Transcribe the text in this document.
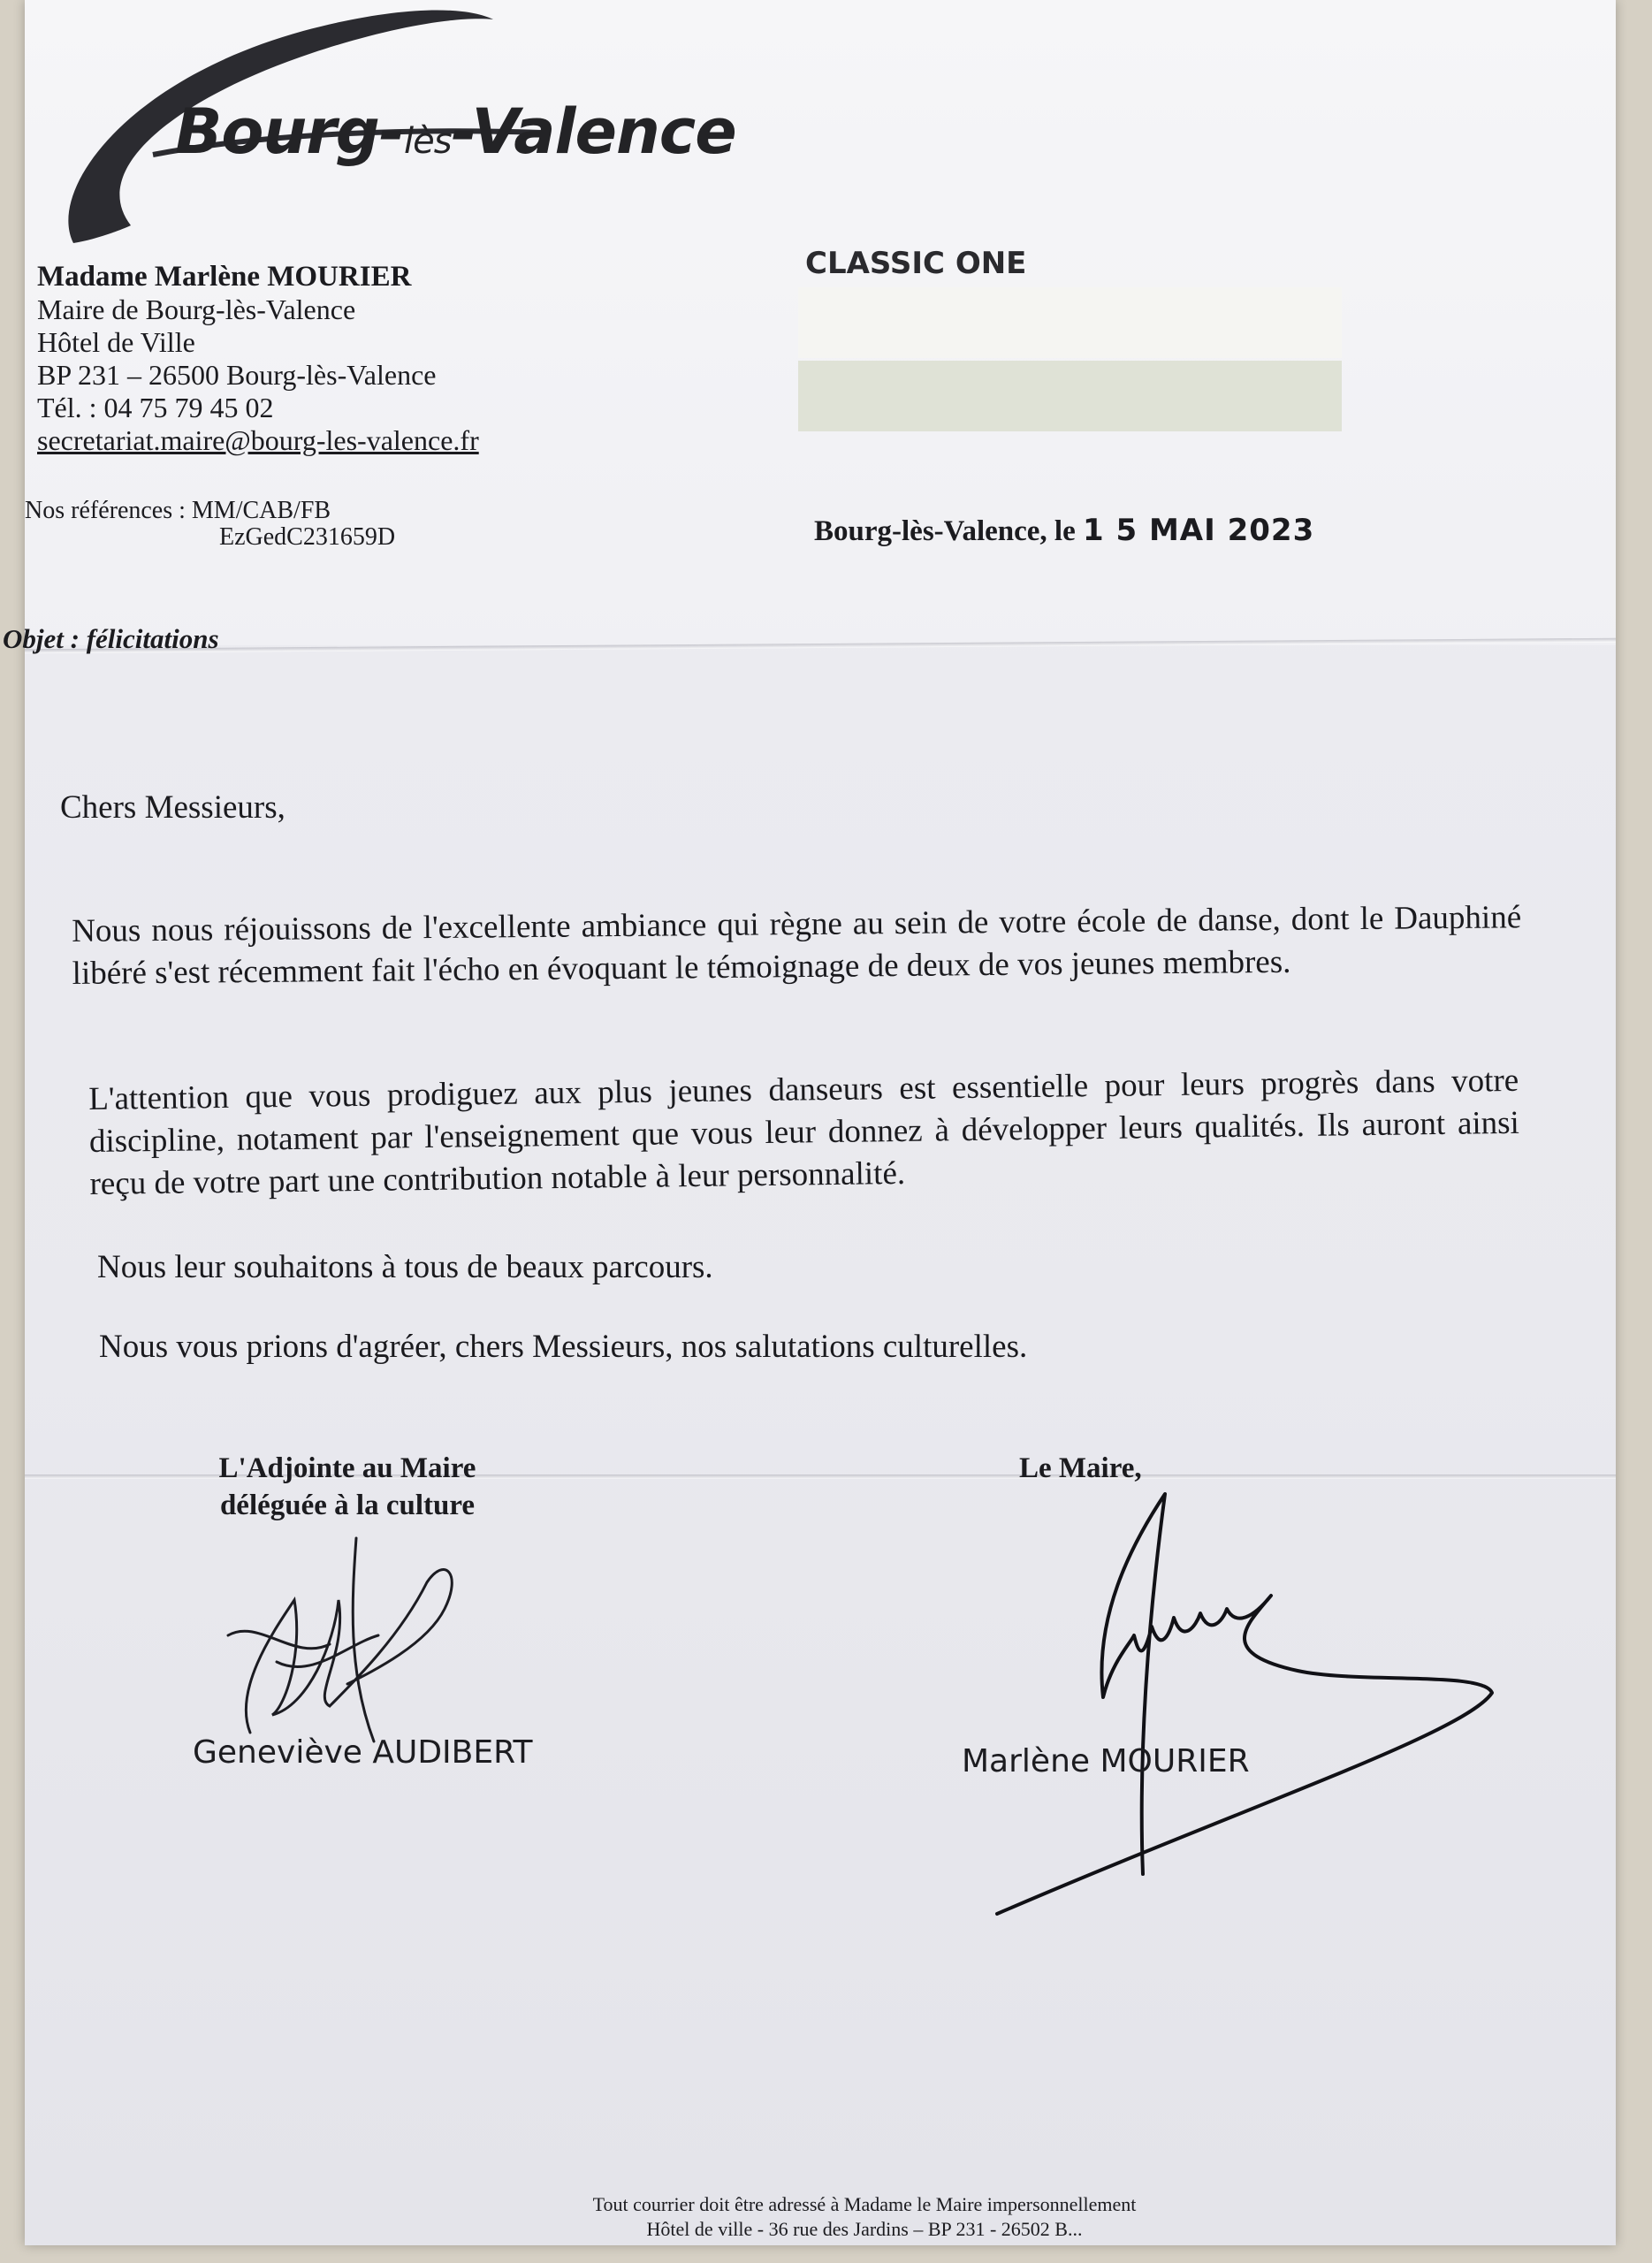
Bourg-lès-Valence
Madame Marlène MOURIER
Maire de Bourg-lès-Valence
Hôtel de Ville
BP 231 – 26500 Bourg-lès-Valence
Tél. : 04 75 79 45 02
secretariat.maire@bourg-les-valence.fr
CLASSIC ONE
Nos références : MM/CAB/FB
EzGedC231659D	Bourg-lès-Valence, le 1 5 MAI 2023
Objet : félicitations
Chers Messieurs,
Nous nous réjouissons de l'excellente ambiance qui règne au sein de votre école de danse, dont le Dauphiné libéré s'est récemment fait l'écho en évoquant le témoignage de deux de vos jeunes membres.
L'attention que vous prodiguez aux plus jeunes danseurs est essentielle pour leurs progrès dans votre discipline, notament par l'enseignement que vous leur donnez à développer leurs qualités. Ils auront ainsi reçu de votre part une contribution notable à leur personnalité.
Nous leur souhaitons à tous de beaux parcours.
Nous vous prions d'agréer, chers Messieurs, nos salutations culturelles.
L'Adjointe au Maire
déléguée à la culture
Le Maire,
Geneviève AUDIBERT	Marlène MOURIER
Tout courrier doit être adressé à Madame le Maire impersonnellement
Hôtel de ville - 36 rue des Jardins – BP 231 - 26502 B...
